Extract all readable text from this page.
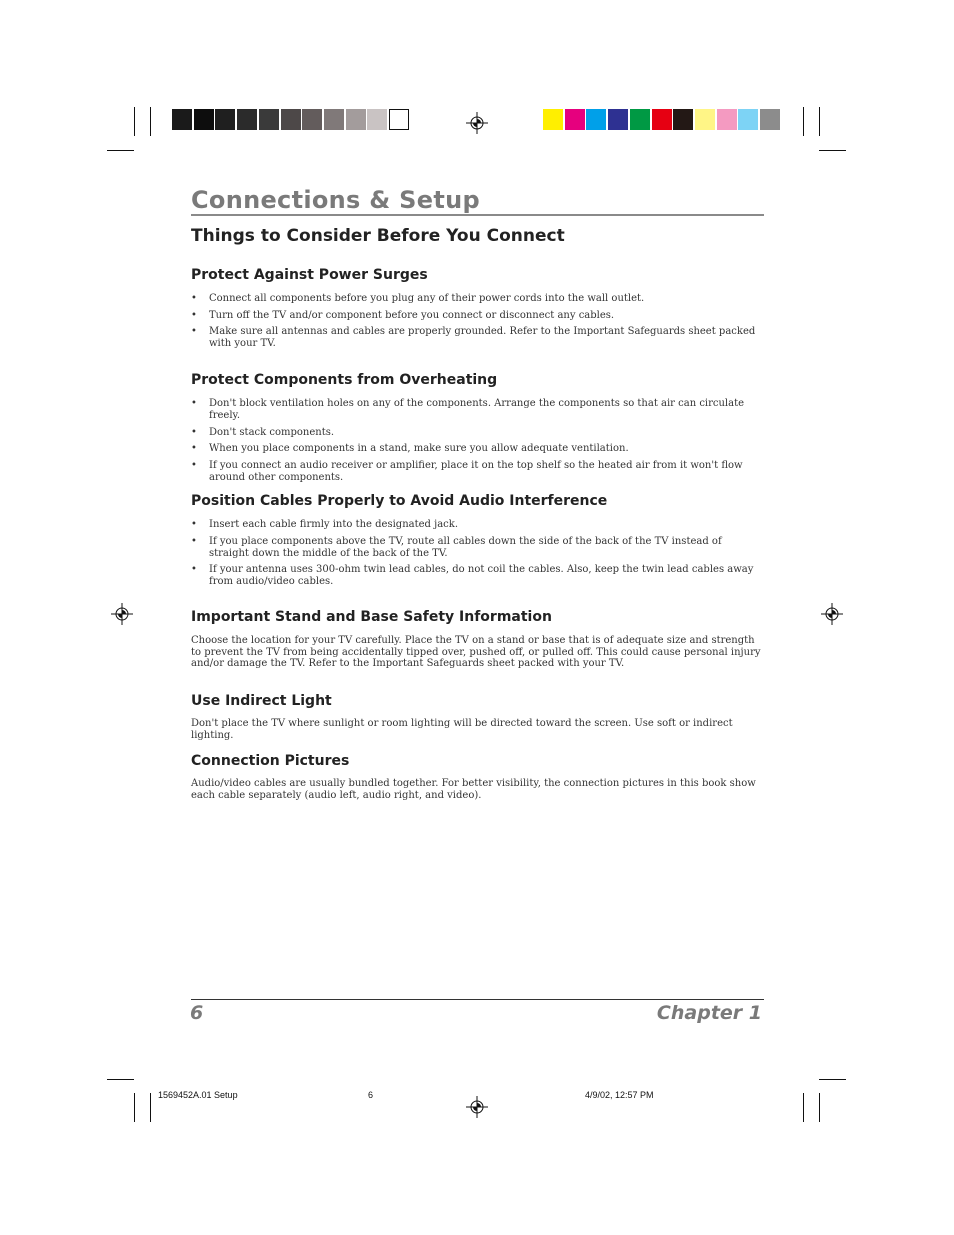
Connections & Setup
Things to Consider Before You Connect
Protect Against Power Surges
• Connect all components before you plug any of their power cords into the wall outlet.
• Turn off the TV and/or component before you connect or disconnect any cables.
• Make sure all antennas and cables are properly grounded. Refer to the Important Safeguards sheet packed with your TV.
Protect Components from Overheating
• Don't block ventilation holes on any of the components. Arrange the components so that air can circulate freely.
• Don't stack components.
• When you place components in a stand, make sure you allow adequate ventilation.
• If you connect an audio receiver or amplifier, place it on the top shelf so the heated air from it won't flow around other components.
Position Cables Properly to Avoid Audio Interference
• Insert each cable firmly into the designated jack.
• If you place components above the TV, route all cables down the side of the back of the TV instead of straight down the middle of the back of the TV.
• If your antenna uses 300-ohm twin lead cables, do not coil the cables. Also, keep the twin lead cables away from audio/video cables.
Important Stand and Base Safety Information

Choose the location for your TV carefully. Place the TV on a stand or base that is of adequate size and strength to prevent the TV from being accidentally tipped over, pushed off, or pulled off. This could cause personal injury and/or damage the TV. Refer to the Important Safeguards sheet packed with your TV.

Use Indirect Light

Don't place the TV where sunlight or room lighting will be directed toward the screen. Use soft or indirect lighting.

Connection Pictures

Audio/video cables are usually bundled together. For better visibility, the connection pictures in this book show each cable separately (audio left, audio right, and video).

6	Chapter 1
1569452A.01 Setup	6	4/9/02, 12:57 PM
